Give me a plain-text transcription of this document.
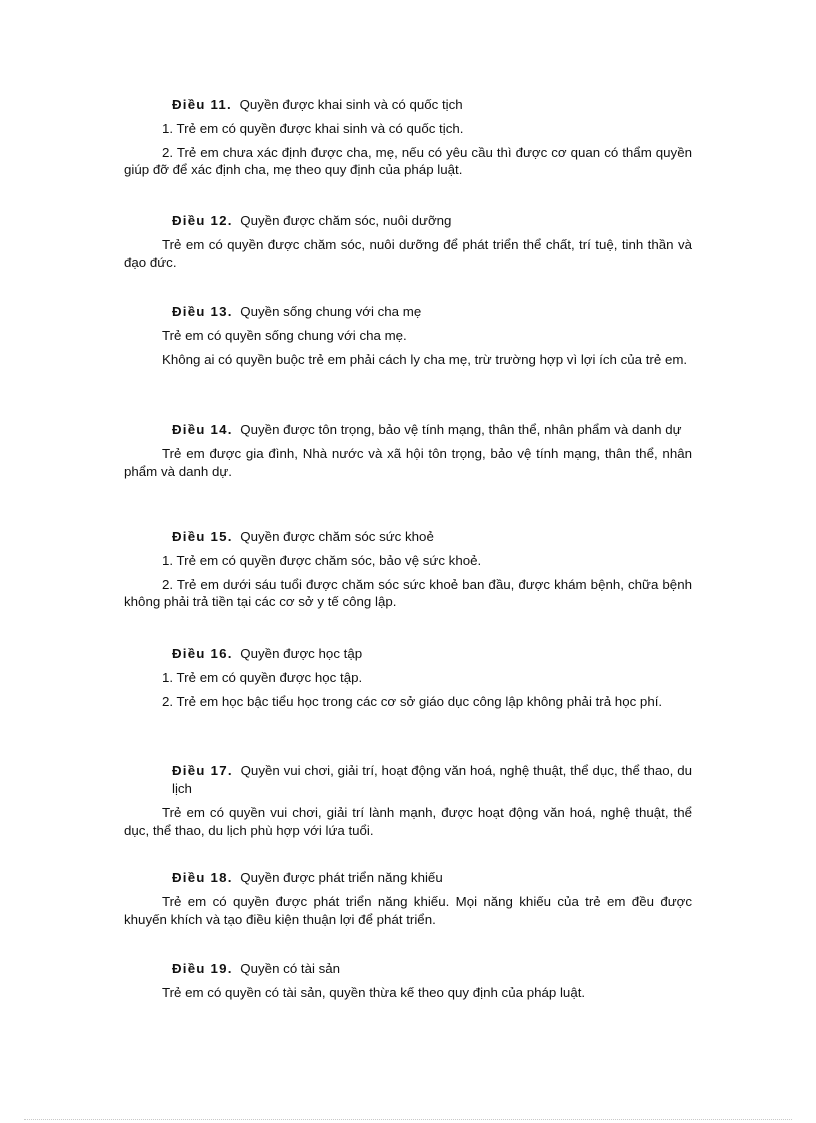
Điều 11. Quyền được khai sinh và có quốc tịch

1. Trẻ em có quyền được khai sinh và có quốc tịch.

2. Trẻ em chưa xác định được cha, mẹ, nếu có yêu cầu thì được cơ quan có thẩm quyền giúp đỡ để xác định cha, mẹ theo quy định của pháp luật.

Điều 12. Quyền được chăm sóc, nuôi dưỡng

Trẻ em có quyền được chăm sóc, nuôi dưỡng để phát triển thể chất, trí tuệ, tinh thần và đạo đức.

Điều 13. Quyền sống chung với cha mẹ

Trẻ em có quyền sống chung với cha mẹ.

Không ai có quyền buộc trẻ em phải cách ly cha mẹ, trừ trường hợp vì lợi ích của trẻ em.

Điều 14. Quyền được tôn trọng, bảo vệ tính mạng, thân thể, nhân phẩm và danh dự

Trẻ em được gia đình, Nhà nước và xã hội tôn trọng, bảo vệ tính mạng, thân thể, nhân phẩm và danh dự.

Điều 15. Quyền được chăm sóc sức khoẻ

1. Trẻ em có quyền được chăm sóc, bảo vệ sức khoẻ.

2. Trẻ em dưới sáu tuổi được chăm sóc sức khoẻ ban đầu, được khám bệnh, chữa bệnh không phải trả tiền tại các cơ sở y tế công lập.

Điều 16. Quyền được học tập

1. Trẻ em có quyền được học tập.

2. Trẻ em học bậc tiểu học trong các cơ sở giáo dục công lập không phải trả học phí.

Điều 17. Quyền vui chơi, giải trí, hoạt động văn hoá, nghệ thuật, thể dục, thể thao, du lịch

Trẻ em có quyền vui chơi, giải trí lành mạnh, được hoạt động văn hoá, nghệ thuật, thể dục, thể thao, du lịch phù hợp với lứa tuổi.

Điều 18. Quyền được phát triển năng khiếu

Trẻ em có quyền được phát triển năng khiếu. Mọi năng khiếu của trẻ em đều được khuyến khích và tạo điều kiện thuận lợi để phát triển.

Điều 19. Quyền có tài sản

Trẻ em có quyền có tài sản, quyền thừa kế theo quy định của pháp luật.
